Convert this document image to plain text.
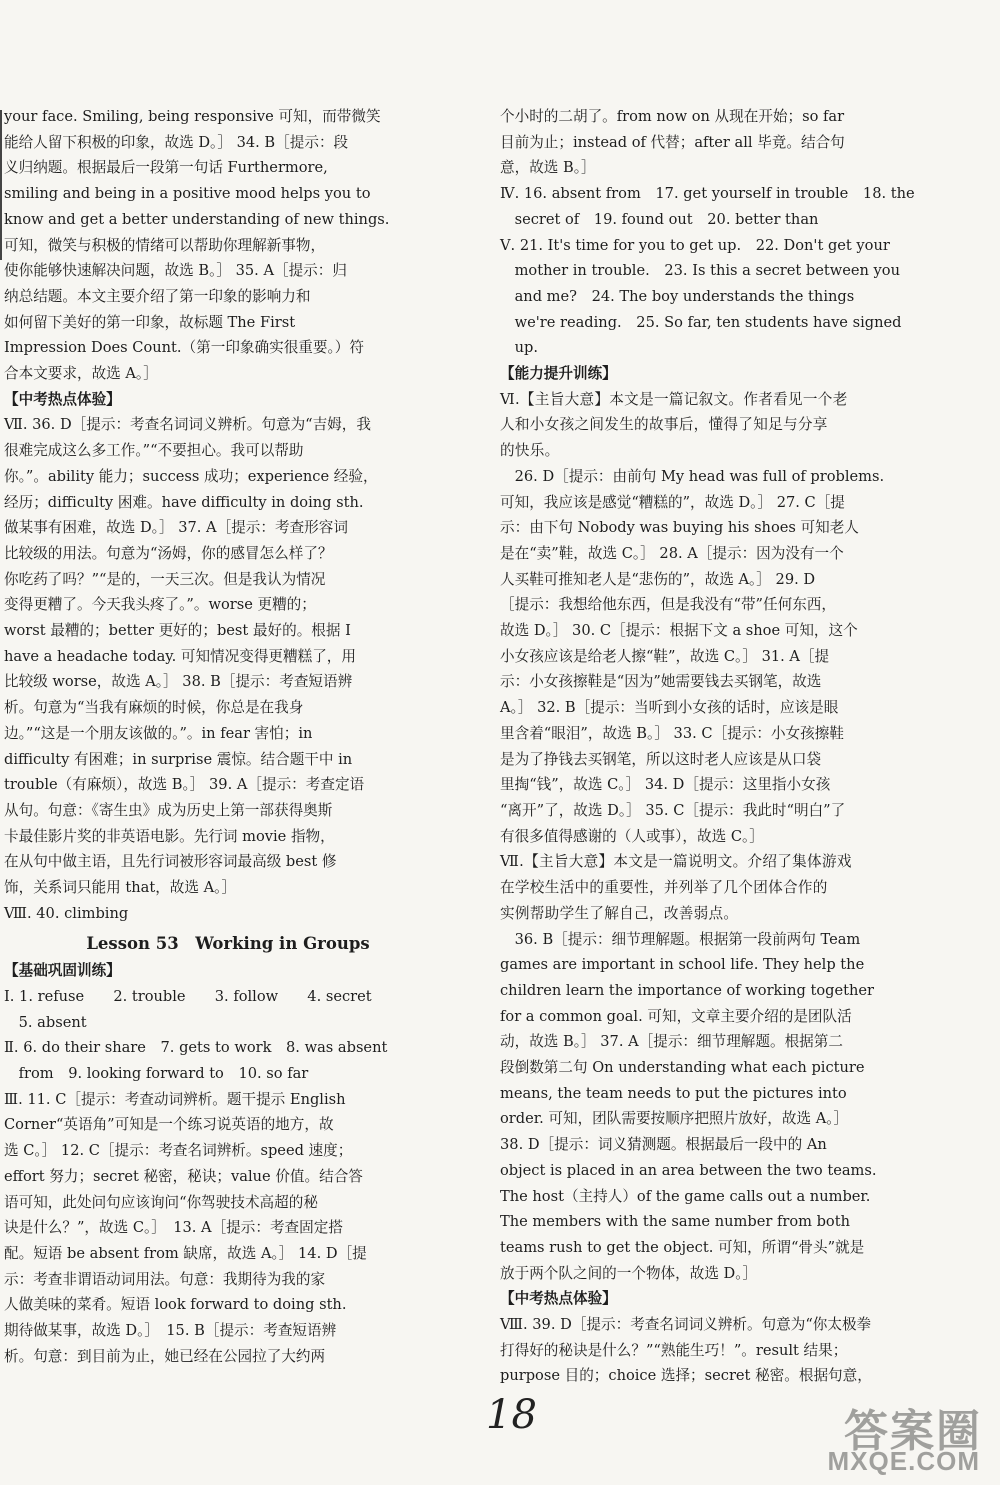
your face. Smiling, being responsive 可知，而带微笑

能给人留下积极的印象，故选 D。］ 34. B［提示：段

义归纳题。根据最后一段第一句话 Furthermore,

smiling and being in a positive mood helps you to

know and get a better understanding of new things.

可知，微笑与积极的情绪可以帮助你理解新事物，

使你能够快速解决问题，故选 B。］ 35. A［提示：归

纳总结题。本文主要介绍了第一印象的影响力和

如何留下美好的第一印象，故标题 The First

Impression Does Count.（第一印象确实很重要。）符

合本文要求，故选 A。］

【中考热点体验】

Ⅶ. 36. D［提示：考查名词词义辨析。句意为“吉姆，我

很难完成这么多工作。”“不要担心。我可以帮助

你。”。ability 能力；success 成功；experience 经验，

经历；difficulty 困难。have difficulty in doing sth.

做某事有困难，故选 D。］ 37. A［提示：考查形容词

比较级的用法。句意为“汤姆，你的感冒怎么样了？

你吃药了吗？”“是的，一天三次。但是我认为情况

变得更糟了。今天我头疼了。”。worse 更糟的；

worst 最糟的；better 更好的；best 最好的。根据 I

have a headache today. 可知情况变得更糟糕了，用

比较级 worse，故选 A。］ 38. B［提示：考查短语辨

析。句意为“当我有麻烦的时候，你总是在我身

边。”“这是一个朋友该做的。”。in fear 害怕；in

difficulty 有困难；in surprise 震惊。结合题干中 in

trouble（有麻烦），故选 B。］ 39. A［提示：考查定语

从句。句意：《寄生虫》成为历史上第一部获得奥斯

卡最佳影片奖的非英语电影。先行词 movie 指物，

在从句中做主语，且先行词被形容词最高级 best 修

饰，关系词只能用 that，故选 A。］

Ⅷ. 40. climbing

Lesson 53　Working in Groups

【基础巩固训练】

Ⅰ. 1. refuse　　2. trouble　　3. follow　　4. secret

　5. absent

Ⅱ. 6. do their share　7. gets to work　8. was absent

　from　9. looking forward to　10. so far

Ⅲ. 11. C［提示：考查动词辨析。题干提示 English

Corner“英语角”可知是一个练习说英语的地方，故

选 C。］ 12. C［提示：考查名词辨析。speed 速度；

effort 努力；secret 秘密，秘诀；value 价值。结合答

语可知，此处问句应该询问“你驾驶技术高超的秘

诀是什么？”，故选 C。］　13. A［提示：考查固定搭

配。短语 be absent from 缺席，故选 A。］ 14. D［提

示：考查非谓语动词用法。句意：我期待为我的家

人做美味的菜肴。短语 look forward to doing sth.

期待做某事，故选 D。］　15. B［提示：考查短语辨

析。句意：到目前为止，她已经在公园拉了大约两

个小时的二胡了。from now on 从现在开始；so far

目前为止；instead of 代替；after all 毕竟。结合句

意，故选 B。］

Ⅳ. 16. absent from　17. get yourself in trouble　18. the

　secret of　19. found out　20. better than

Ⅴ. 21. It's time for you to get up.　22. Don't get your

　mother in trouble.　23. Is this a secret between you

　and me?　24. The boy understands the things

　we're reading.　25. So far, ten students have signed

　up.

【能力提升训练】

Ⅵ.【主旨大意】本文是一篇记叙文。作者看见一个老

人和小女孩之间发生的故事后，懂得了知足与分享

的快乐。

　26. D［提示：由前句 My head was full of problems.

可知，我应该是感觉“糟糕的”，故选 D。］ 27. C［提

示：由下句 Nobody was buying his shoes 可知老人

是在“卖”鞋，故选 C。］ 28. A［提示：因为没有一个

人买鞋可推知老人是“悲伤的”，故选 A。］ 29. D

［提示：我想给他东西，但是我没有“带”任何东西，

故选 D。］ 30. C［提示：根据下文 a shoe 可知，这个

小女孩应该是给老人擦“鞋”，故选 C。］ 31. A［提

示：小女孩擦鞋是“因为”她需要钱去买钢笔，故选

A。］ 32. B［提示：当听到小女孩的话时，应该是眼

里含着“眼泪”，故选 B。］ 33. C［提示：小女孩擦鞋

是为了挣钱去买钢笔，所以这时老人应该是从口袋

里掏“钱”，故选 C。］ 34. D［提示：这里指小女孩

“离开”了，故选 D。］ 35. C［提示：我此时“明白”了

有很多值得感谢的（人或事），故选 C。］

Ⅶ.【主旨大意】本文是一篇说明文。介绍了集体游戏

在学校生活中的重要性，并列举了几个团体合作的

实例帮助学生了解自己，改善弱点。

　36. B［提示：细节理解题。根据第一段前两句 Team

games are important in school life. They help the

children learn the importance of working together

for a common goal. 可知，文章主要介绍的是团队活

动，故选 B。］ 37. A［提示：细节理解题。根据第二

段倒数第二句 On understanding what each picture

means, the team needs to put the pictures into

order. 可知，团队需要按顺序把照片放好，故选 A。］

38. D［提示：词义猜测题。根据最后一段中的 An

object is placed in an area between the two teams.

The host（主持人）of the game calls out a number.

The members with the same number from both

teams rush to get the object. 可知，所谓“骨头”就是

放于两个队之间的一个物体，故选 D。］

【中考热点体验】

Ⅷ. 39. D［提示：考查名词词义辨析。句意为“你太极拳

打得好的秘诀是什么？”“熟能生巧！”。result 结果；

purpose 目的；choice 选择；secret 秘密。根据句意，

18	答案圈
MXQE.COM
